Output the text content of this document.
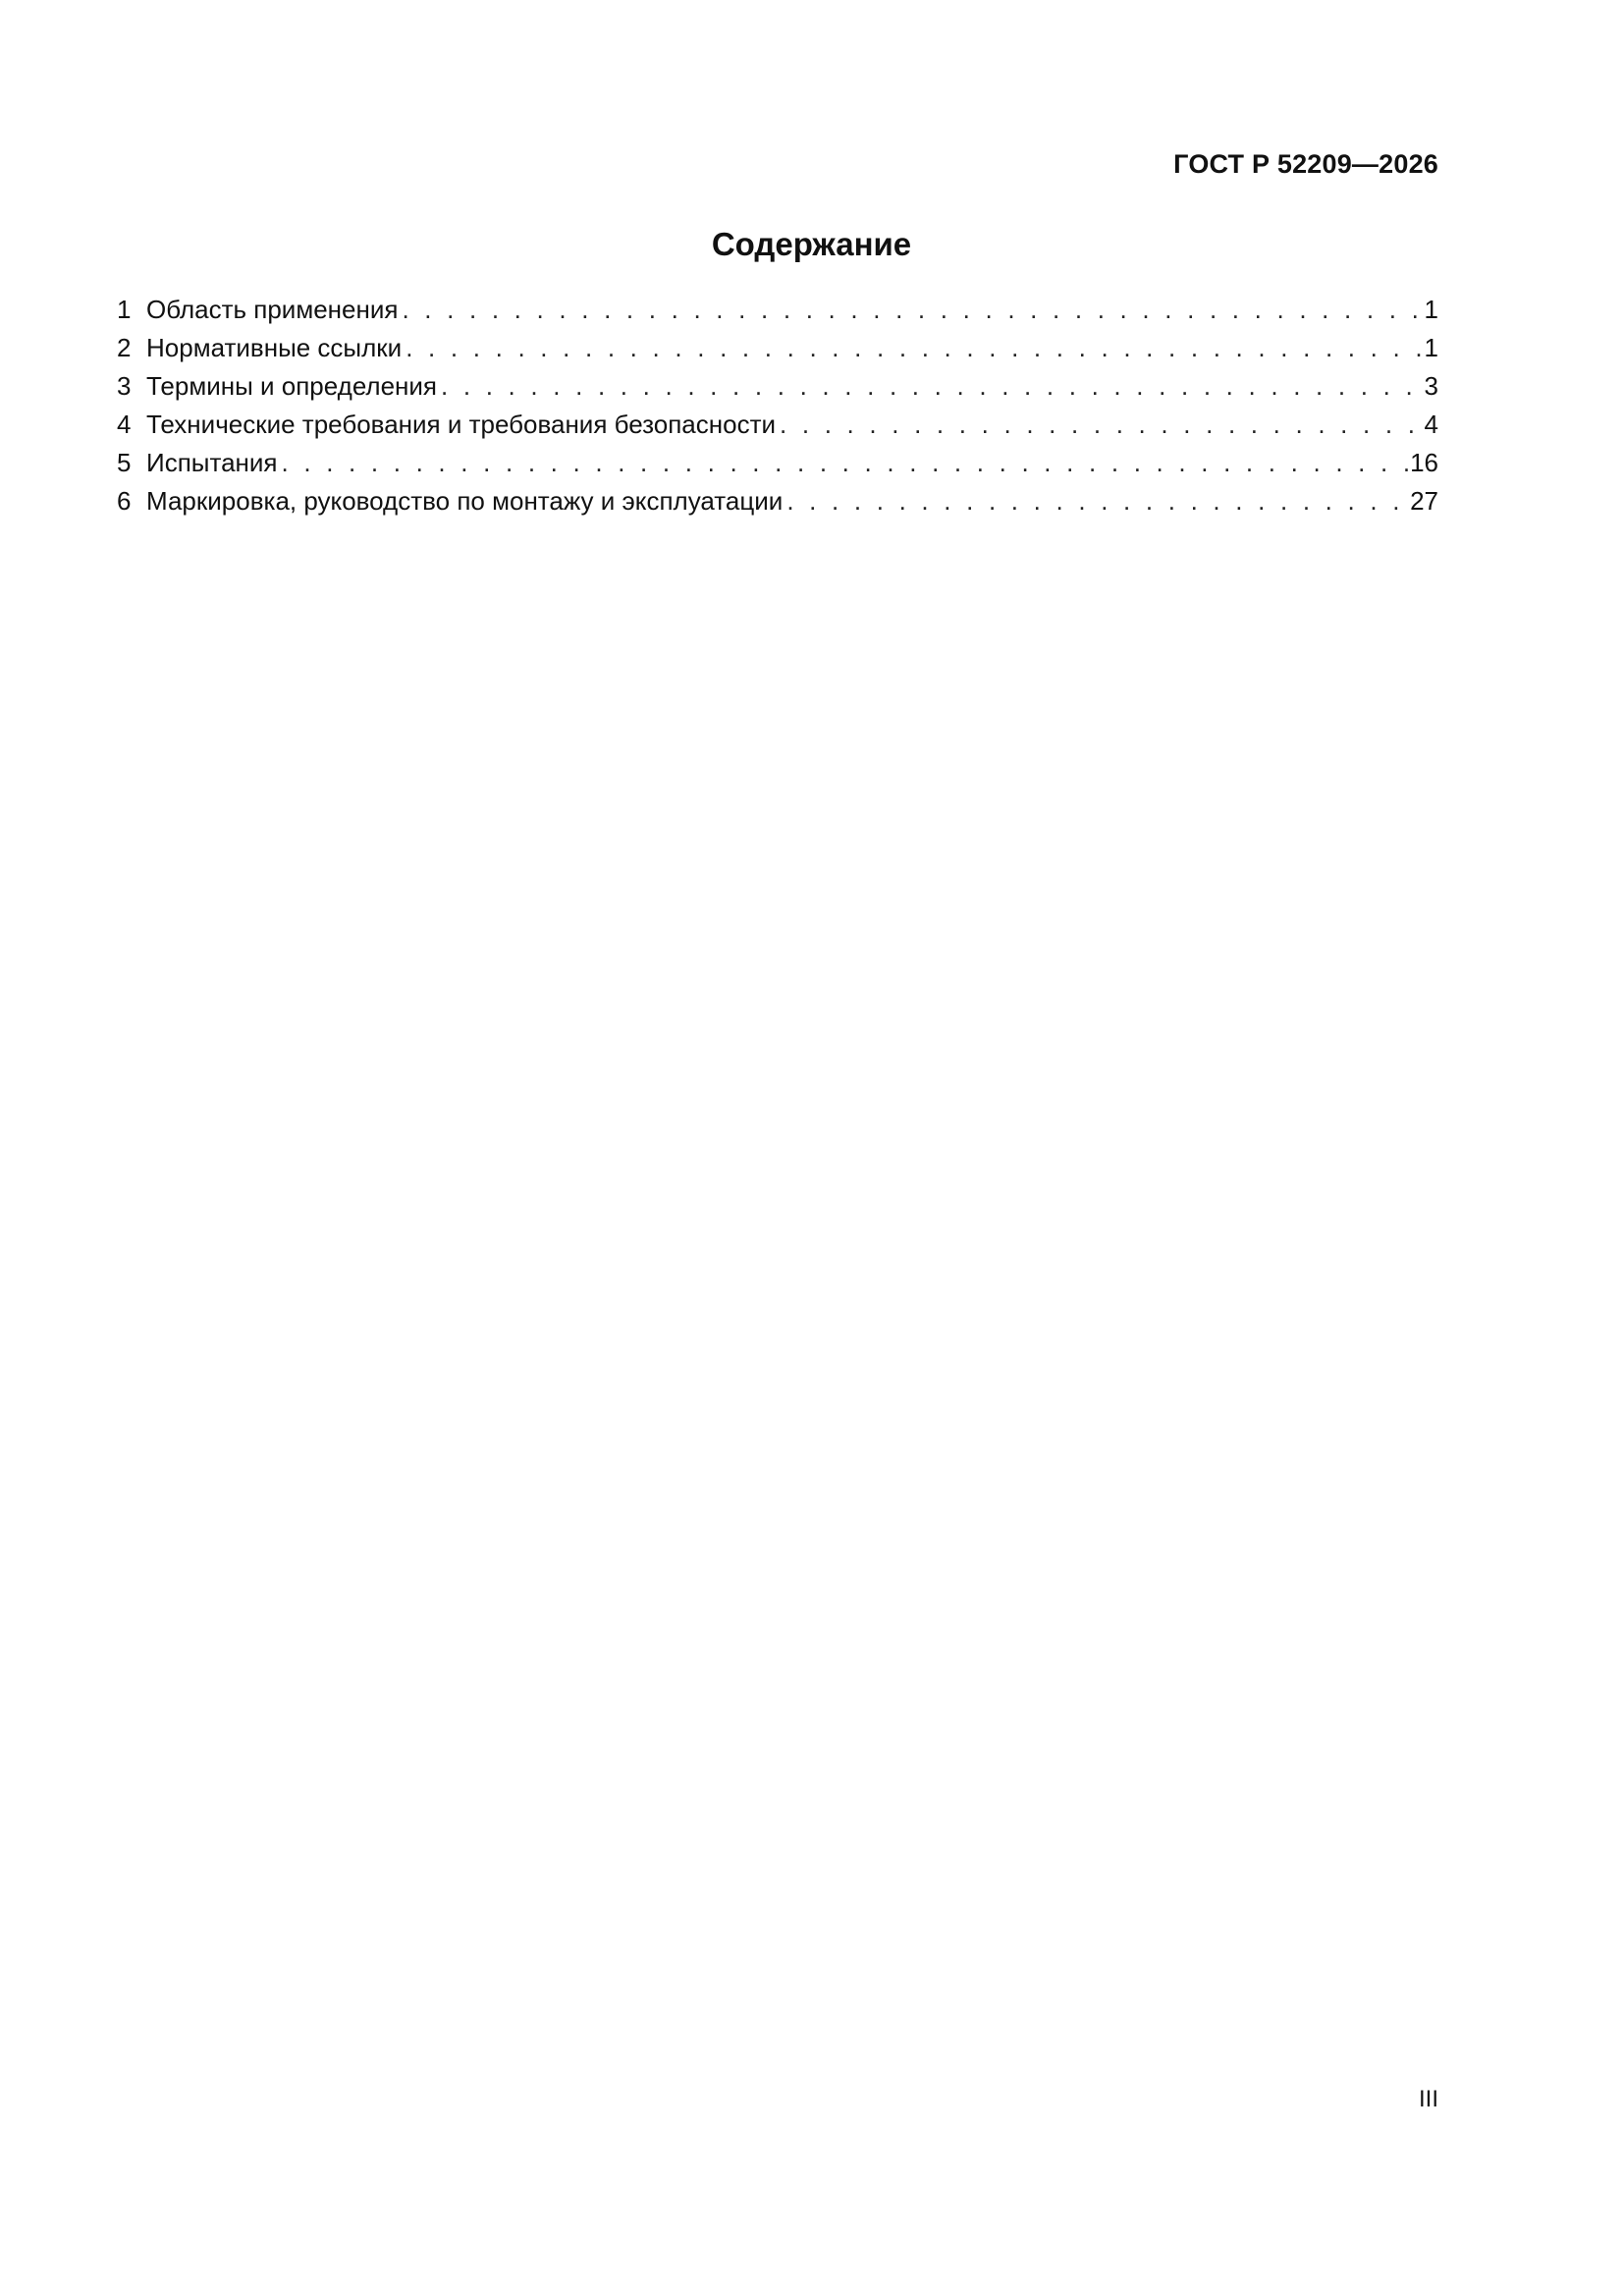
ГОСТ Р 52209—2026
Содержание
1 Область применения . . .	1
2 Нормативные ссылки . . .	1
3 Термины и определения . . .	3
4 Технические требования и требования безопасности . . .	4
5 Испытания . . .	16
6 Маркировка, руководство по монтажу и эксплуатации . . .	27
III
